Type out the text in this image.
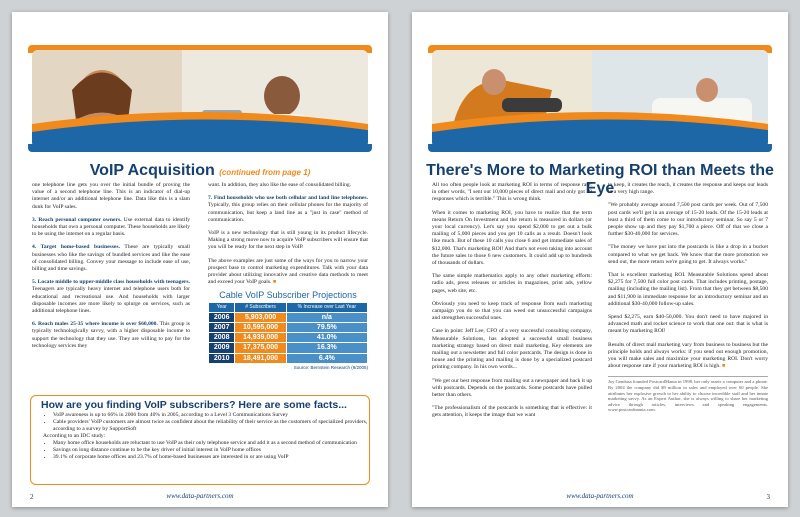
VoIP Acquisition (continued from page 1)

one telephone line gets you over the initial bundle of proving the value of a second telephone line. This is an indicator of dial-up internet and/or an additional telephone line. Data like this is a slam dunk for VoIP sales.

3. Reach personal computer owners. Use external data to identify households that own a personal computer. These households are likely to be using the internet on a regular basis.

4. Target home-based businesses. These are typically small businesses who like the savings of bundled services and like the ease of consolidated billing. Convey your message to include ease of use, billing and time savings.

5. Locate middle to upper-middle class households with teenagers. Teenagers are typically heavy internet and telephone users both for educational and recreational use. And households with larger disposable incomes are more likely to splurge on services, such as additional telephone lines.

6. Reach males 25-35 where income is over $60,000. This group is typically technologically savvy, with a higher disposable income to support the technology that they use. They are willing to pay for the technology services they

want. In addition, they also like the ease of consolidated billing.

7. Find households who use both cellular and land line telephones. Typically, this group relies on their cellular phones for the majority of communication, but keep a land line as a "just in case" method of communication.

VoIP is a new technology that is still young in its product lifecycle. Making a strong move now to acquire VoIP subscribers will ensure that you will be ready for the next step in VoIP.

The above examples are just some of the ways for you to narrow your prospect base to control marketing expenditures. Talk with your data provider about utilizing innovative and creative data methods to meet and exceed your VoIP goals. ■

Cable VoIP Subscriber Projections
Year	# Subscribers	% Increase over Last Year
2006	5,903,000	n/a
2007	10,595,000	79.5%
2008	14,939,000	41.0%
2009	17,375,000	16.3%
2010	18,491,000	6.4%
Source: Bernstein Research (9/2005)
How are you finding VoIP subscribers? Here are some facts...
• VoIP awareness is up to 66% in 2006 from 40% in 2005, according to a Level 3 Communications Survey
• Cable providers' VoIP customers are almost twice as confident about the reliability of their service as the customers of specialized providers, according to a survey by SupportSoft
According to an IDC study:
• Many home office households are reluctant to use VoIP as their only telephone service and add it as a second method of communication
• Savings on long distance continue to be the key driver of initial interest in VoIP home offices
• 39.1% of corporate home offices and 23.7% of home-based businesses are interested in or are using VoIP
2	www.data-partners.com
There's More to Marketing ROI than Meets the Eye

All too often people look at marketing ROI in terms of response rate: in other words, "I sent out 10,000 pieces of direct mail and only got 39 responses which is terrible." This is wrong think.

When it comes to marketing ROI, you have to realize that the term means Return On Investment and the return is measured in dollars (or your local currency). Let's say you spend $2,000 to get out a bulk mailing of 5,000 pieces and you get 10 calls as a result. Doesn't look like much. But of these 10 calls you close 6 and get immediate sales of $12,000. That's marketing ROI! And that's not even taking into account the future sales to those 6 new customers. It could add up to hundreds of thousands of dollars.

The same simple mathematics apply to any other marketing efforts: radio ads, press releases or articles in magazines, print ads, yellow pages, web site, etc.

Obviously you need to keep track of response from each marketing campaign you do so that you can weed out unsuccessful campaigns and strengthen successful ones.

Case in point: Jeff Lee, CFO of a very successful consulting company, Measurable Solutions, has adopted a successful small business marketing strategy based on direct mail marketing. Key elements are mailing out a newsletter and full color postcards. The design is done in house and the printing and mailing is done by a specialized postcard printing company. In his own words...

"We get our best response from mailing out a newspaper and back it up with postcards. Depends on the postcards. Some postcards have pulled better than others.

"The professionalism of the postcards is something that is effective: it gets attention, it keeps the image that we want

to keep, it creates the reach, it creates the response and keeps our leads in a very high range.

"We probably average around 7,500 post cards per week. Out of 7,500 post cards we'll get in an average of 15-20 leads. Of the 15-20 leads at least a third of them come to our introductory seminar. So say 5 or 7 people show up and they pay $1,700 a piece. Off of that we close a further $30-40,000 for services.

"The money we have put into the postcards is like a drop in a bucket compared to what we get back. We know that the more promotion we send out, the more return we're going to get. It always works."

That is excellent marketing ROI. Measurable Solutions spend about $2,275 for 7,500 full color post cards. That includes printing, postage, mailing (including the mailing list). From that they get between $8,500 and $11,900 in immediate response for an introductory seminar and an additional $30-40,000 follow-up sales.

Spend $2,275, earn $40-50,000. You don't need to have majored in advanced math and rocket science to work that one out: that is what is meant by marketing ROI!

Results of direct mail marketing vary from business to business but the principle holds and always works: if you send out enough promotion, you will make sales and maximize your marketing ROI. Don't worry about response rate if your marketing ROI is high. ■

Joy Gendusa founded PostcardMania in 1998, her only assets a computer and a phone. By 2004 the company did $9 million in sales and employed over 60 people. She attributes her explosive growth to her ability to choose incredible staff and her innate marketing savvy. As an Expert Author, she is always willing to share her marketing advice through articles, interviews and speaking engagements. www.postcardmania.com.
3
www.data-partners.com
